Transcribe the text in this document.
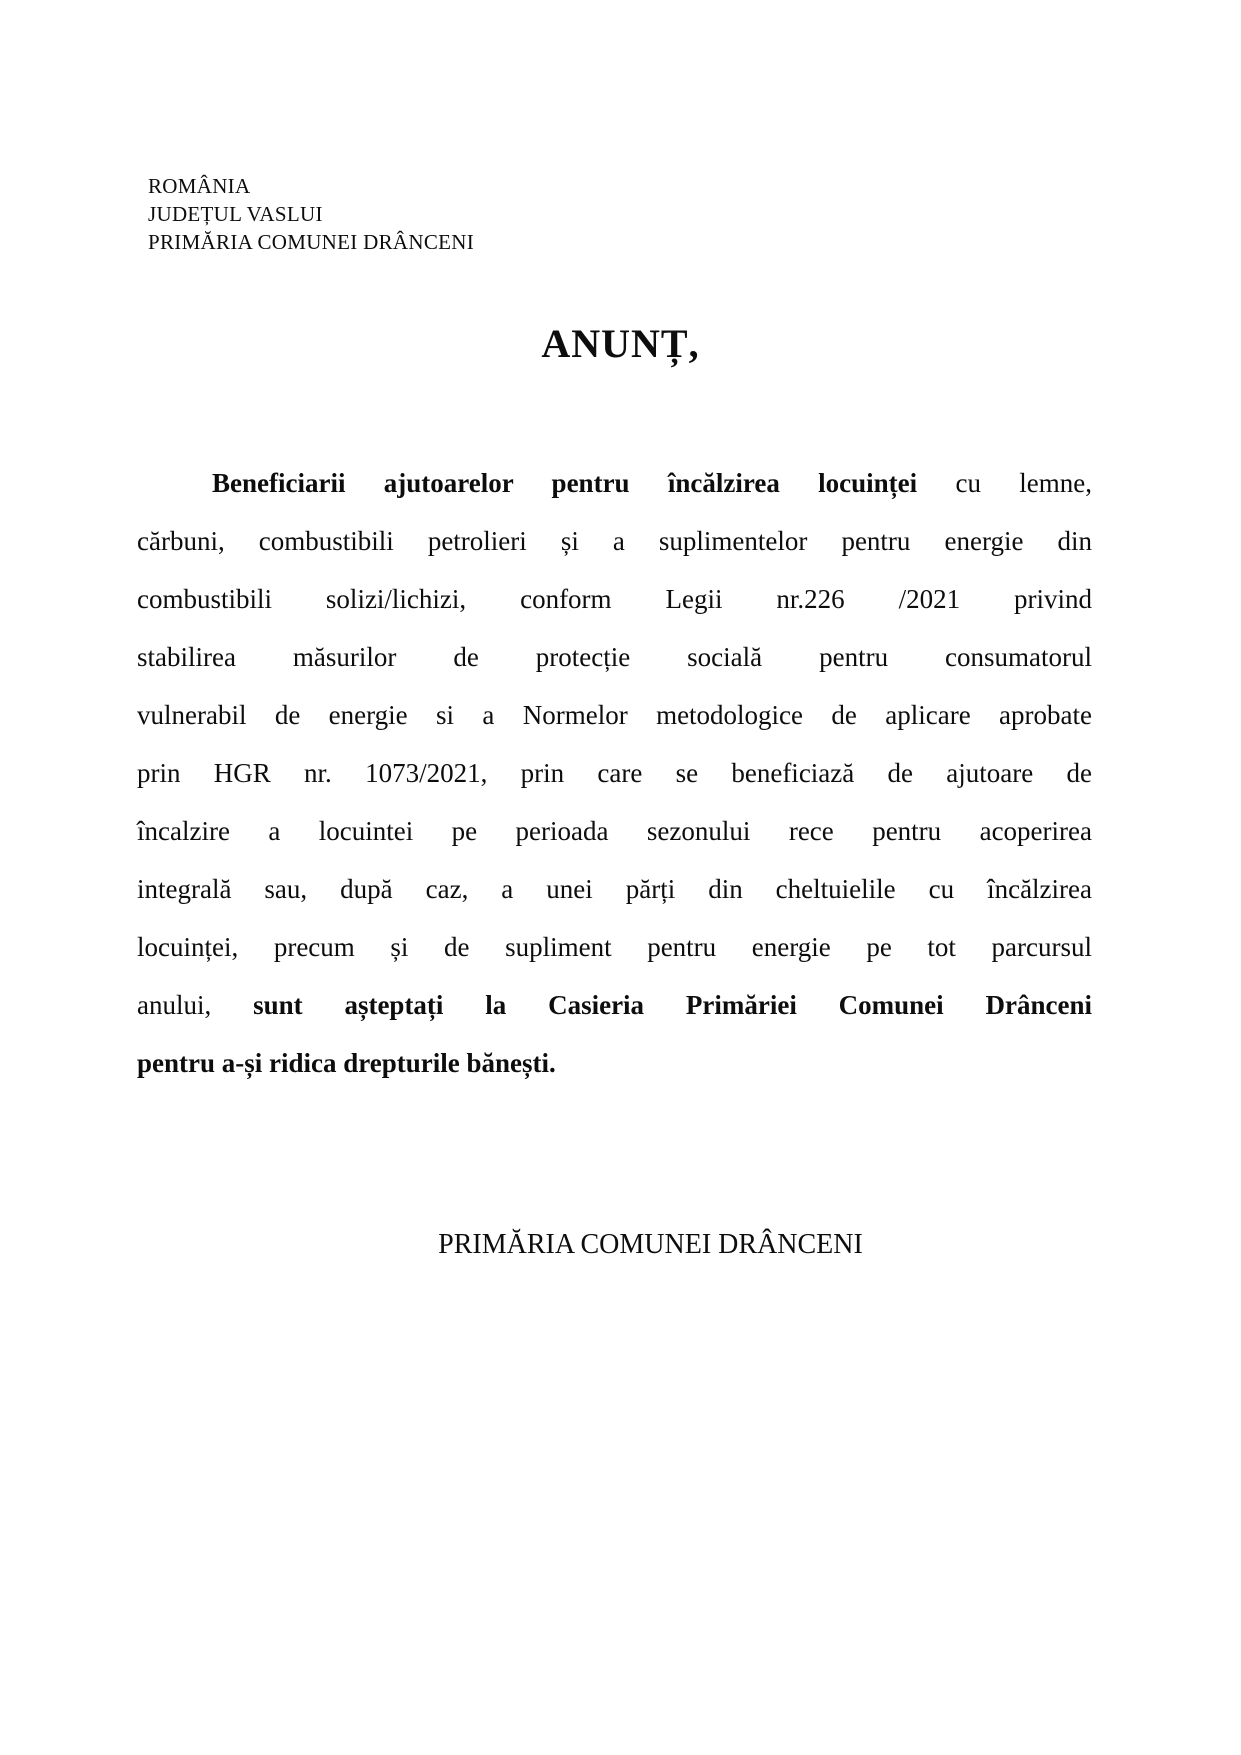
ROMÂNIA
JUDEȚUL VASLUI
PRIMĂRIA COMUNEI DRÂNCENI
ANUNȚ,
Beneficiarii ajutoarelor pentru încălzirea locuinței cu lemne,
cărbuni, combustibili petrolieri și a suplimentelor pentru energie din
combustibili solizi/lichizi, conform Legii nr.226 /2021 privind
stabilirea măsurilor de protecție socială pentru consumatorul
vulnerabil de energie si a Normelor metodologice de aplicare aprobate
prin HGR nr. 1073/2021, prin care se beneficiază de ajutoare de
încalzire a locuintei pe perioada sezonului rece pentru acoperirea
integrală sau, după caz, a unei părți din cheltuielile cu încălzirea
locuinței, precum și de supliment pentru energie pe tot parcursul
anului, sunt așteptați la Casieria Primăriei Comunei Drânceni
pentru a-și ridica drepturile bănești.
PRIMĂRIA COMUNEI DRÂNCENI
